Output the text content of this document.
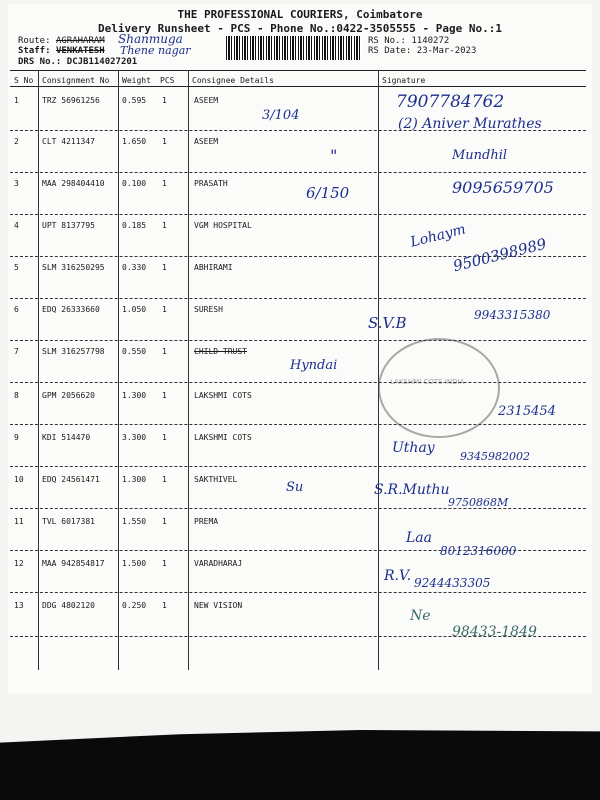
THE PROFESSIONAL COURIERS, Coimbatore
Delivery Runsheet - PCS - Phone No.:0422-3505555 - Page No.:1
Route: AGRAHARAM Shanmuga
Staff: VENKATESH Thene nagar
DRS No.: DCJB114027201
RS No.: 1140272
RS Date: 23-Mar-2023
S No Consignment No Weight PCS Consignee Details	Signature
1	TRZ 56961256	0.595 1	ASEEM
2	CLT 4211347	1.650 1	ASEEM
3	MAA 298404410 0.100 1	PRASATH
4	UPT 8137795	0.185 1	VGM HOSPITAL
5	SLM 316250295 0.330 1	ABHIRAMI
6	EDQ 26333660	1.050 1	SURESH
7	SLM 316257798 0.550 1	CHILD TRUST
8	GPM 2056620	1.300 1	LAKSHMI COTS
9	KDI 514470	3.300 1	LAKSHMI COTS
10 EDQ 24561471	1.300 1	SAKTHIVEL
11 TVL 6017381	1.550 1	PREMA
12 MAA 942854817 1.500 1	VARADHARAJ
13 DDG 4802120	0.250 1	NEW VISION
LAKSHMI COTS INDIA
7907784762
3/104
(2) Aniver Murathes
"	Mundhil
6/150	9095659705
Lohaym
9500398989
S.V.B	9943315380
Hyndai
2315454
Uthay
9345982002
Su	S.R.Muthu
9750868M
Laa
8012316000
R.V. 9244433305
Ne
98433-1849
